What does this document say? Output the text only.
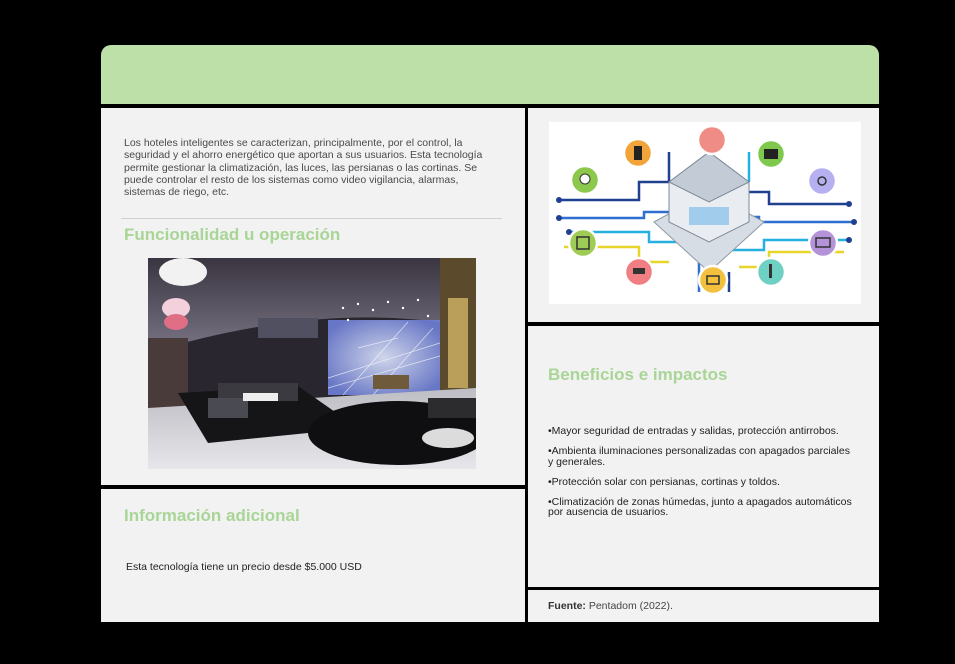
Los hoteles inteligentes se caracterizan, principalmente, por el control, la seguridad y el ahorro energético que aportan a sus usuarios. Esta tecnología permite gestionar la climatización, las luces, las persianas o las cortinas. Se puede controlar el resto de los sistemas como video vigilancia, alarmas, sistemas de riego, etc.

Funcionalidad u operación
Beneficios e impactos
•Mayor seguridad de entradas y salidas, protección antirrobos.
•Ambienta iluminaciones personalizadas con apagados parciales y generales.
•Protección solar con persianas, cortinas y toldos.
•Climatización de zonas húmedas, junto a apagados automáticos por ausencia de usuarios.
Información adicional

Esta tecnología tiene un precio desde $5.000 USD

Fuente: Pentadom (2022).
